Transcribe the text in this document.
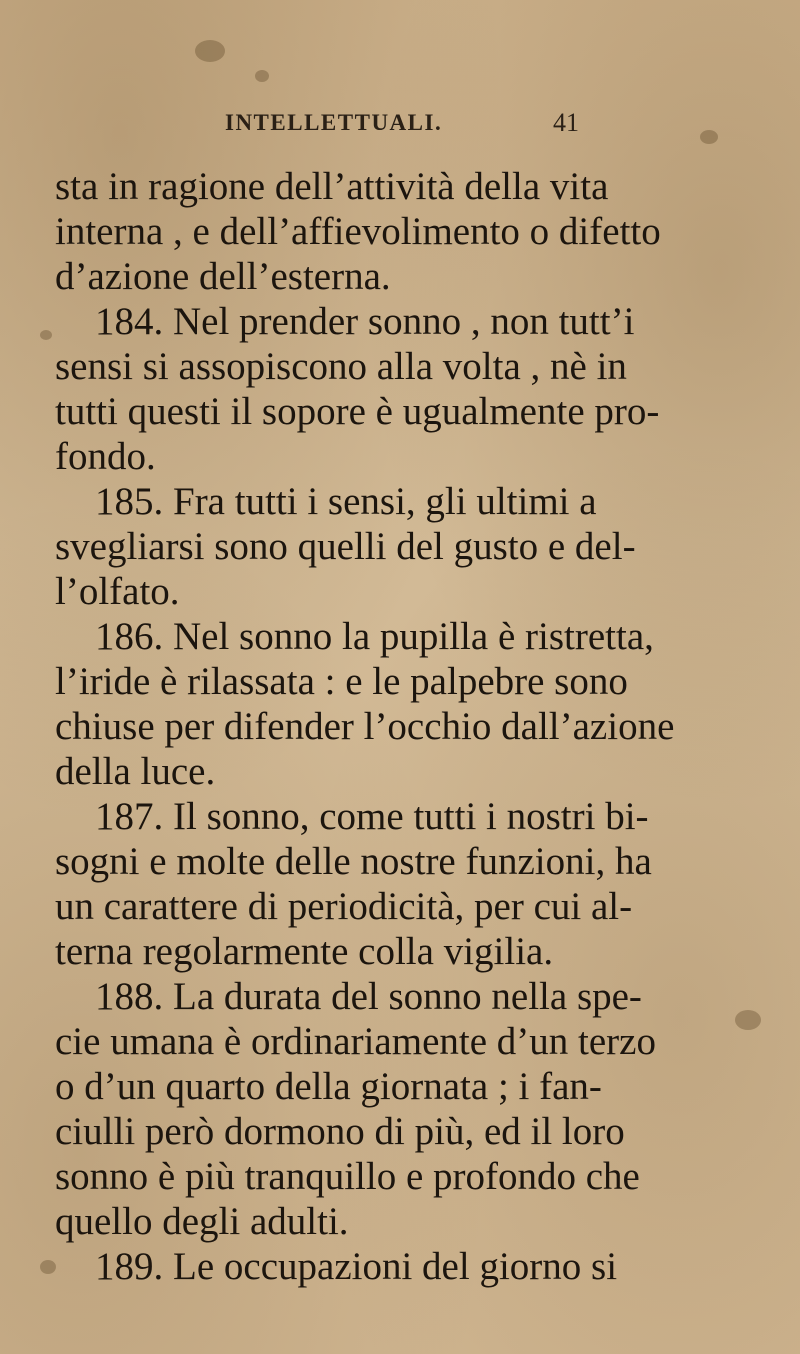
INTELLETTUALI.	41
sta in ragione dell’attività della vita
interna , e dell’affievolimento o difetto
d’azione dell’esterna.
184. Nel prender sonno , non tutt’i
sensi si assopiscono alla volta , nè in
tutti questi il sopore è ugualmente pro-
fondo.
185. Fra tutti i sensi, gli ultimi a
svegliarsi sono quelli del gusto e del-
l’olfato.
186. Nel sonno la pupilla è ristretta,
l’iride è rilassata : e le palpebre sono
chiuse per difender l’occhio dall’azione
della luce.
187. Il sonno, come tutti i nostri bi-
sogni e molte delle nostre funzioni, ha
un carattere di periodicità, per cui al-
terna regolarmente colla vigilia.
188. La durata del sonno nella spe-
cie umana è ordinariamente d’un terzo
o d’un quarto della giornata ; i fan-
ciulli però dormono di più, ed il loro
sonno è più tranquillo e profondo che
quello degli adulti.
189. Le occupazioni del giorno si
